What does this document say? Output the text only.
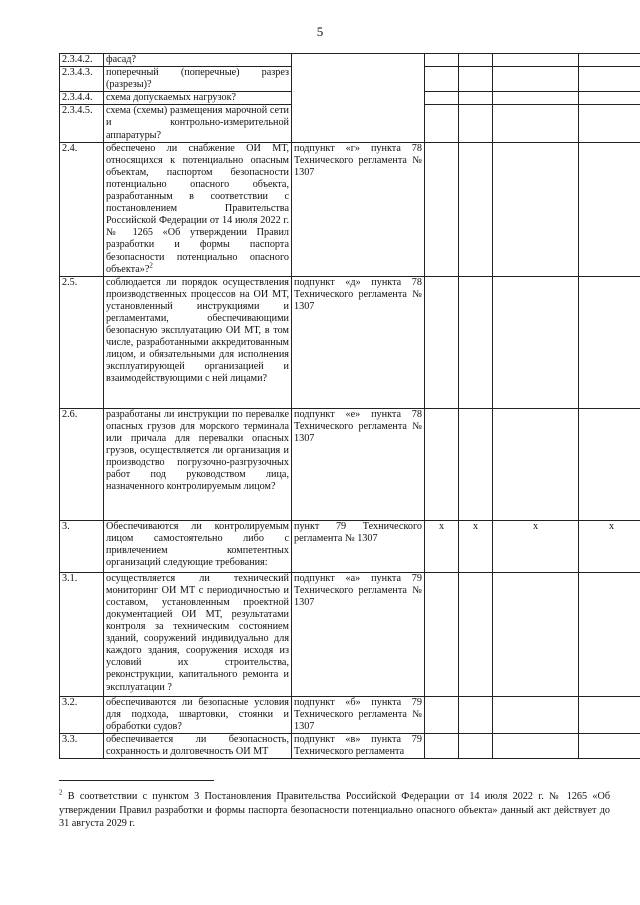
5
2.3.4.2.	фасад?					
2.3.4.3.	поперечный (поперечные) разрез (разрезы)?					
2.3.4.4.	схема допускаемых нагрузок?					
2.3.4.5.	схема (схемы) размещения марочной сети и контрольно-измерительной аппаратуры?					
2.4.	обеспечено ли снабжение ОИ МТ, относящихся к потенциально опасным объектам, паспортом безопасности потенциально опасного объекта, разработанным в соответствии с постановлением Правительства Российской Федерации от 14 июля 2022 г. № 1265 «Об утверждении Правил разработки и формы паспорта безопасности потенциально опасного объекта»?$^2$	подпункт «г» пункта 78 Технического регламента № 1307				
2.5.	соблюдается ли порядок осуществления производственных процессов на ОИ МТ, установленный инструкциями и регламентами, обеспечивающими безопасную эксплуатацию ОИ МТ, в том числе, разработанными аккредитованным лицом, и обязательными для исполнения эксплуатирующей организацией и взаимодействующими с ней лицами?	подпункт «д» пункта 78 Технического регламента № 1307				
2.6.	разработаны ли инструкции по перевалке опасных грузов для морского терминала или причала для перевалки опасных грузов, осуществляется ли организация и производство погрузочно-разгрузочных работ под руководством лица, назначенного контролируемым лицом?	подпункт «е» пункта 78 Технического регламента № 1307				
3.	Обеспечиваются ли контролируемым лицом самостоятельно либо с привлечением компетентных организаций следующие требования:	пункт 79 Технического регламента № 1307	x	x	x	x
3.1.	осуществляется ли технический мониторинг ОИ МТ с периодичностью и составом, установленным проектной документацией ОИ МТ, результатами контроля за техническим состоянием зданий, сооружений индивидуально для каждого здания, сооружения исходя из условий их строительства, реконструкции, капитального ремонта и эксплуатации ?	подпункт «а» пункта 79 Технического регламента № 1307				
3.2.	обеспечиваются ли безопасные условия для подхода, швартовки, стоянки и обработки судов?	подпункт «б» пункта 79 Технического регламента № 1307				
3.3.	обеспечивается ли безопасность, сохранность и долговечность ОИ МТ	подпункт «в» пункта 79 Технического регламента				
$^2$ В соответствии с пунктом 3 Постановления Правительства Российской Федерации от 14 июля 2022 г. № 1265 «Об утверждении Правил разработки и формы паспорта безопасности потенциально опасного объекта» данный акт действует до 31 августа 2029 г.
